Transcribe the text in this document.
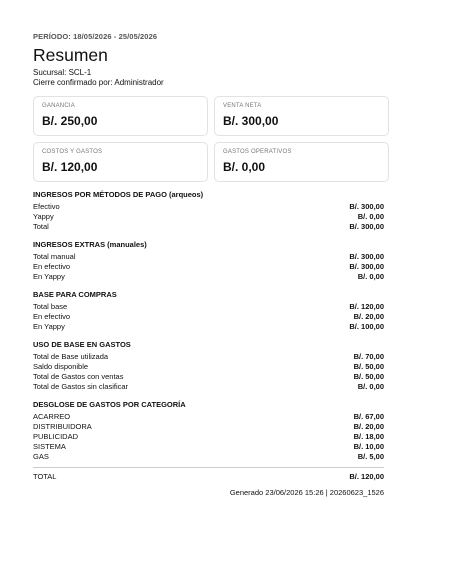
PERÍODO: 18/05/2026 - 25/05/2026
Resumen
Sucursal: SCL-1
Cierre confirmado por: Administrador
GANANCIA
B/. 250,00
VENTA NETA
B/. 300,00
COSTOS Y GASTOS
B/. 120,00
GASTOS OPERATIVOS
B/. 0,00
INGRESOS POR MÉTODOS DE PAGO (arqueos)
Efectivo	B/. 300,00
Yappy	B/. 0,00
Total	B/. 300,00
INGRESOS EXTRAS (manuales)
Total manual	B/. 300,00
En efectivo	B/. 300,00
En Yappy	B/. 0,00
BASE PARA COMPRAS
Total base	B/. 120,00
En efectivo	B/. 20,00
En Yappy	B/. 100,00
USO DE BASE EN GASTOS
Total de Base utilizada	B/. 70,00
Saldo disponible	B/. 50,00
Total de Gastos con ventas	B/. 50,00
Total de Gastos sin clasificar	B/. 0,00
DESGLOSE DE GASTOS POR CATEGORÍA
ACARREO	B/. 67,00
DISTRIBUIDORA	B/. 20,00
PUBLICIDAD	B/. 18,00
SISTEMA	B/. 10,00
GAS	B/. 5,00
TOTAL	B/. 120,00
Generado 23/06/2026 15:26 | 20260623_1526
